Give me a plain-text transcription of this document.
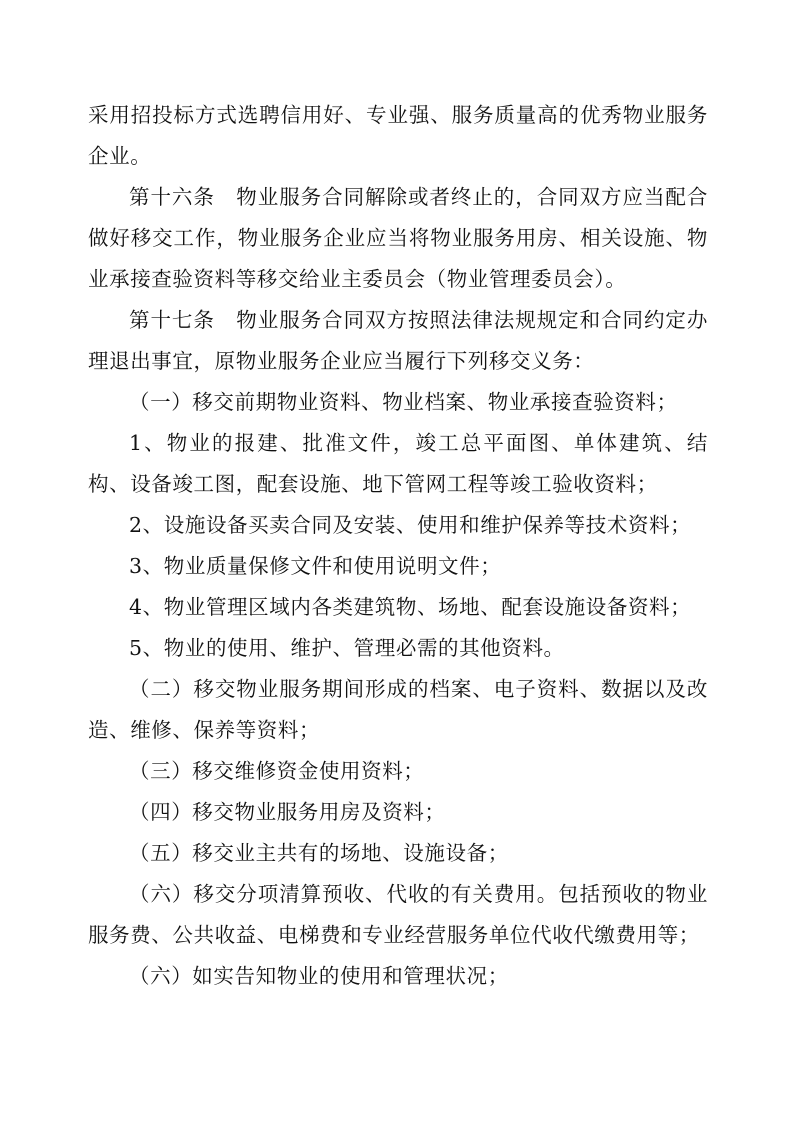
采用招投标方式选聘信用好、专业强、服务质量高的优秀物业服务企业。

第十六条　物业服务合同解除或者终止的，合同双方应当配合做好移交工作，物业服务企业应当将物业服务用房、相关设施、物业承接查验资料等移交给业主委员会（物业管理委员会）。

第十七条　物业服务合同双方按照法律法规规定和合同约定办理退出事宜，原物业服务企业应当履行下列移交义务：

（一）移交前期物业资料、物业档案、物业承接查验资料；

1、物业的报建、批准文件，竣工总平面图、单体建筑、结构、设备竣工图，配套设施、地下管网工程等竣工验收资料；

2、设施设备买卖合同及安装、使用和维护保养等技术资料；

3、物业质量保修文件和使用说明文件；

4、物业管理区域内各类建筑物、场地、配套设施设备资料；

5、物业的使用、维护、管理必需的其他资料。

（二）移交物业服务期间形成的档案、电子资料、数据以及改造、维修、保养等资料；

（三）移交维修资金使用资料；

（四）移交物业服务用房及资料；

（五）移交业主共有的场地、设施设备；

（六）移交分项清算预收、代收的有关费用。包括预收的物业服务费、公共收益、电梯费和专业经营服务单位代收代缴费用等；

（六）如实告知物业的使用和管理状况；
